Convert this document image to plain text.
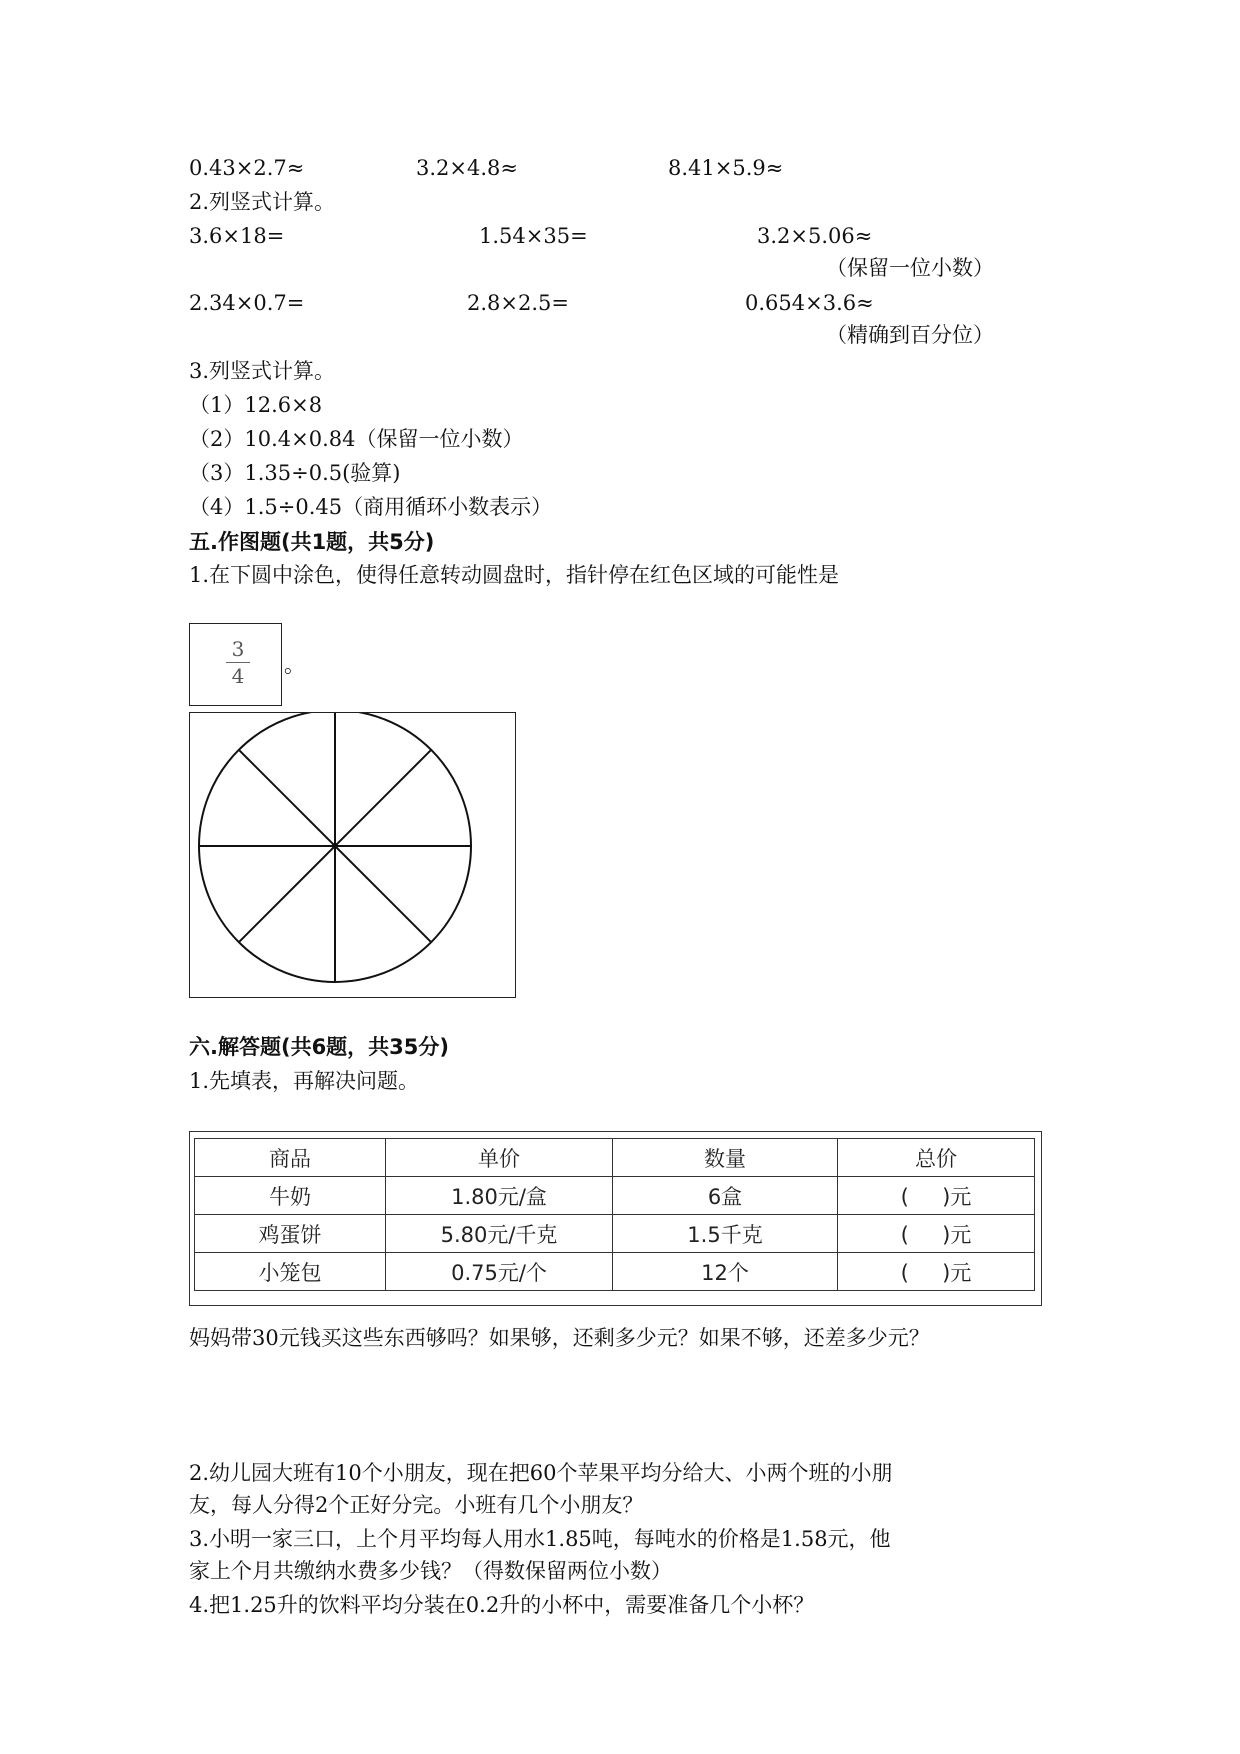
0.43×2.7≈	3.2×4.8≈	8.41×5.9≈
2.列竖式计算。
3.6×18=	1.54×35=	3.2×5.06≈
（保留一位小数）
2.34×0.7=	2.8×2.5=	0.654×3.6≈
（精确到百分位）
3.列竖式计算。
（1）12.6×8
（2）10.4×0.84（保留一位小数）
（3）1.35÷0.5(验算)
（4）1.5÷0.45（商用循环小数表示）
五.作图题(共1题，共5分)
1.在下圆中涂色，使得任意转动圆盘时，指针停在红色区域的可能性是
3
4 。
六.解答题(共6题，共35分)
1.先填表，再解决问题。
商品	单价	数量	总价
牛奶	1.80元/盒	6盒	(     )元
鸡蛋饼	5.80元/千克	1.5千克	(     )元
小笼包	0.75元/个	12个	(     )元
妈妈带30元钱买这些东西够吗？如果够，还剩多少元？如果不够，还差多少元？
2.幼儿园大班有10个小朋友，现在把60个苹果平均分给大、小两个班的小朋
友，每人分得2个正好分完。小班有几个小朋友？
3.小明一家三口，上个月平均每人用水1.85吨，每吨水的价格是1.58元，他
家上个月共缴纳水费多少钱？（得数保留两位小数）
4.把1.25升的饮料平均分装在0.2升的小杯中，需要准备几个小杯？
